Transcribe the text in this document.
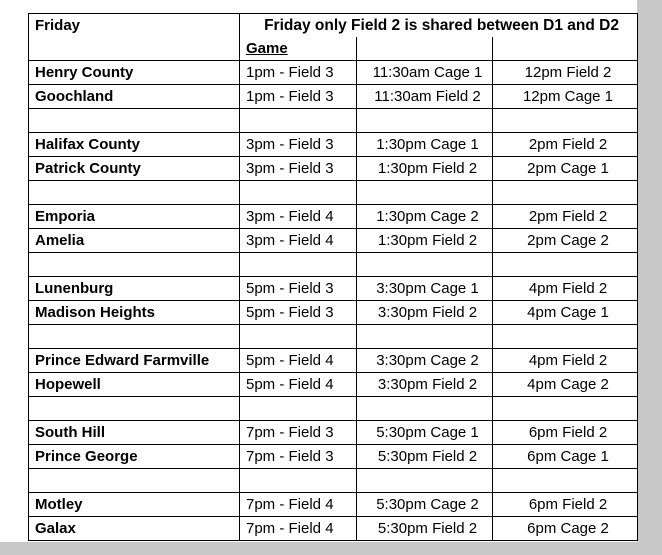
Friday	Friday only Field 2 is shared between D1 and D2		
	Game		
Henry County	1pm - Field 3	11:30am Cage 1	12pm Field 2
Goochland	1pm - Field 3	11:30am Field 2	12pm Cage 1

Halifax County	3pm - Field 3	1:30pm Cage 1	2pm Field 2
Patrick County	3pm - Field 3	1:30pm Field 2	2pm Cage 1

Emporia	3pm - Field 4	1:30pm Cage 2	2pm Field 2
Amelia	3pm - Field 4	1:30pm Field 2	2pm Cage 2

Lunenburg	5pm - Field 3	3:30pm Cage 1	4pm Field 2
Madison Heights	5pm - Field 3	3:30pm Field 2	4pm Cage 1

Prince Edward Farmville	5pm - Field 4	3:30pm Cage 2	4pm Field 2
Hopewell	5pm - Field 4	3:30pm Field 2	4pm Cage 2

South Hill	7pm - Field 3	5:30pm Cage 1	6pm Field 2
Prince George	7pm - Field 3	5:30pm Field 2	6pm Cage 1

Motley	7pm - Field 4	5:30pm Cage 2	6pm Field 2
Galax	7pm - Field 4	5:30pm Field 2	6pm Cage 2
